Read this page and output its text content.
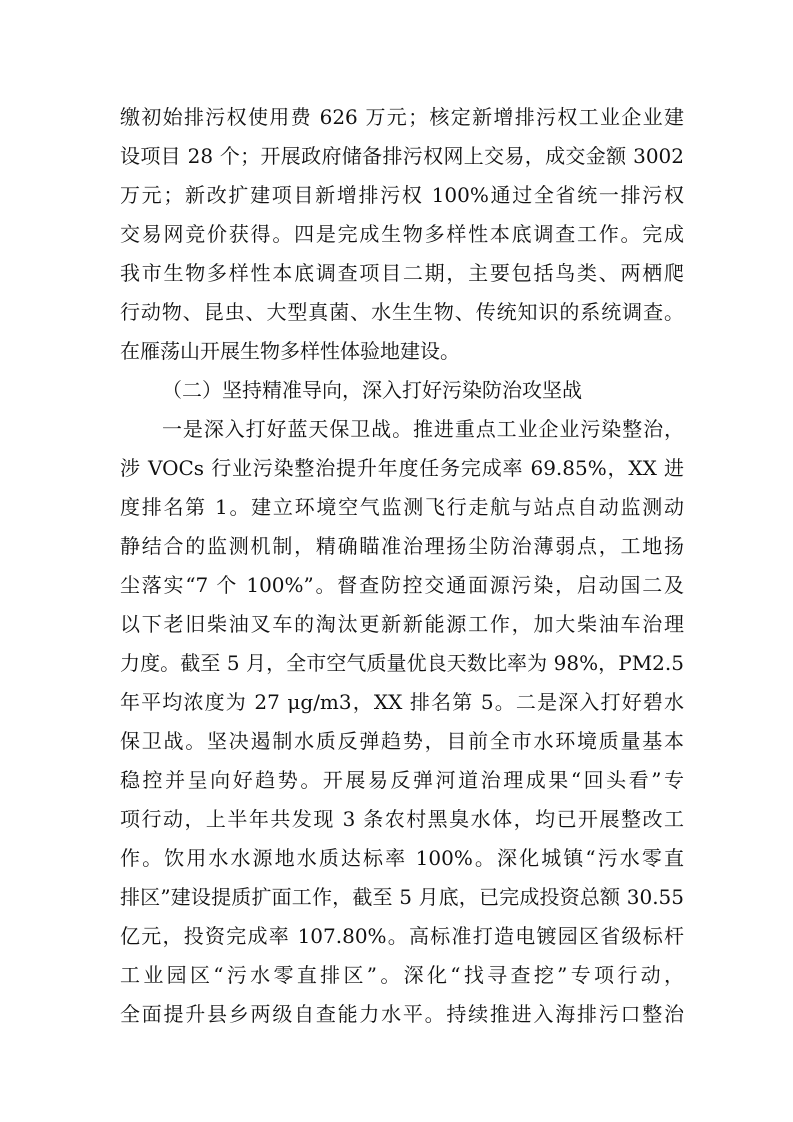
缴初始排污权使用费 626 万元；核定新增排污权工业企业建
设项目 28 个；开展政府储备排污权网上交易，成交金额 3002
万元；新改扩建项目新增排污权 100%通过全省统一排污权
交易网竞价获得。四是完成生物多样性本底调查工作。完成
我市生物多样性本底调查项目二期，主要包括鸟类、两栖爬
行动物、昆虫、大型真菌、水生生物、传统知识的系统调查。
在雁荡山开展生物多样性体验地建设。
（二）坚持精准导向，深入打好污染防治攻坚战
一是深入打好蓝天保卫战。推进重点工业企业污染整治，
涉 VOCs 行业污染整治提升年度任务完成率 69.85%，XX 进
度排名第 1。建立环境空气监测飞行走航与站点自动监测动
静结合的监测机制，精确瞄准治理扬尘防治薄弱点，工地扬
尘落实“7 个 100%”。督查防控交通面源污染，启动国二及
以下老旧柴油叉车的淘汰更新新能源工作，加大柴油车治理
力度。截至 5 月，全市空气质量优良天数比率为 98%，PM2.5
年平均浓度为 27 μg/m3，XX 排名第 5。二是深入打好碧水
保卫战。坚决遏制水质反弹趋势，目前全市水环境质量基本
稳控并呈向好趋势。开展易反弹河道治理成果“回头看”专
项行动，上半年共发现 3 条农村黑臭水体，均已开展整改工
作。饮用水水源地水质达标率 100%。深化城镇“污水零直
排区”建设提质扩面工作，截至 5 月底，已完成投资总额 30.55
亿元，投资完成率 107.80%。高标准打造电镀园区省级标杆
工业园区“污水零直排区”。深化“找寻查挖”专项行动，
全面提升县乡两级自查能力水平。持续推进入海排污口整治
